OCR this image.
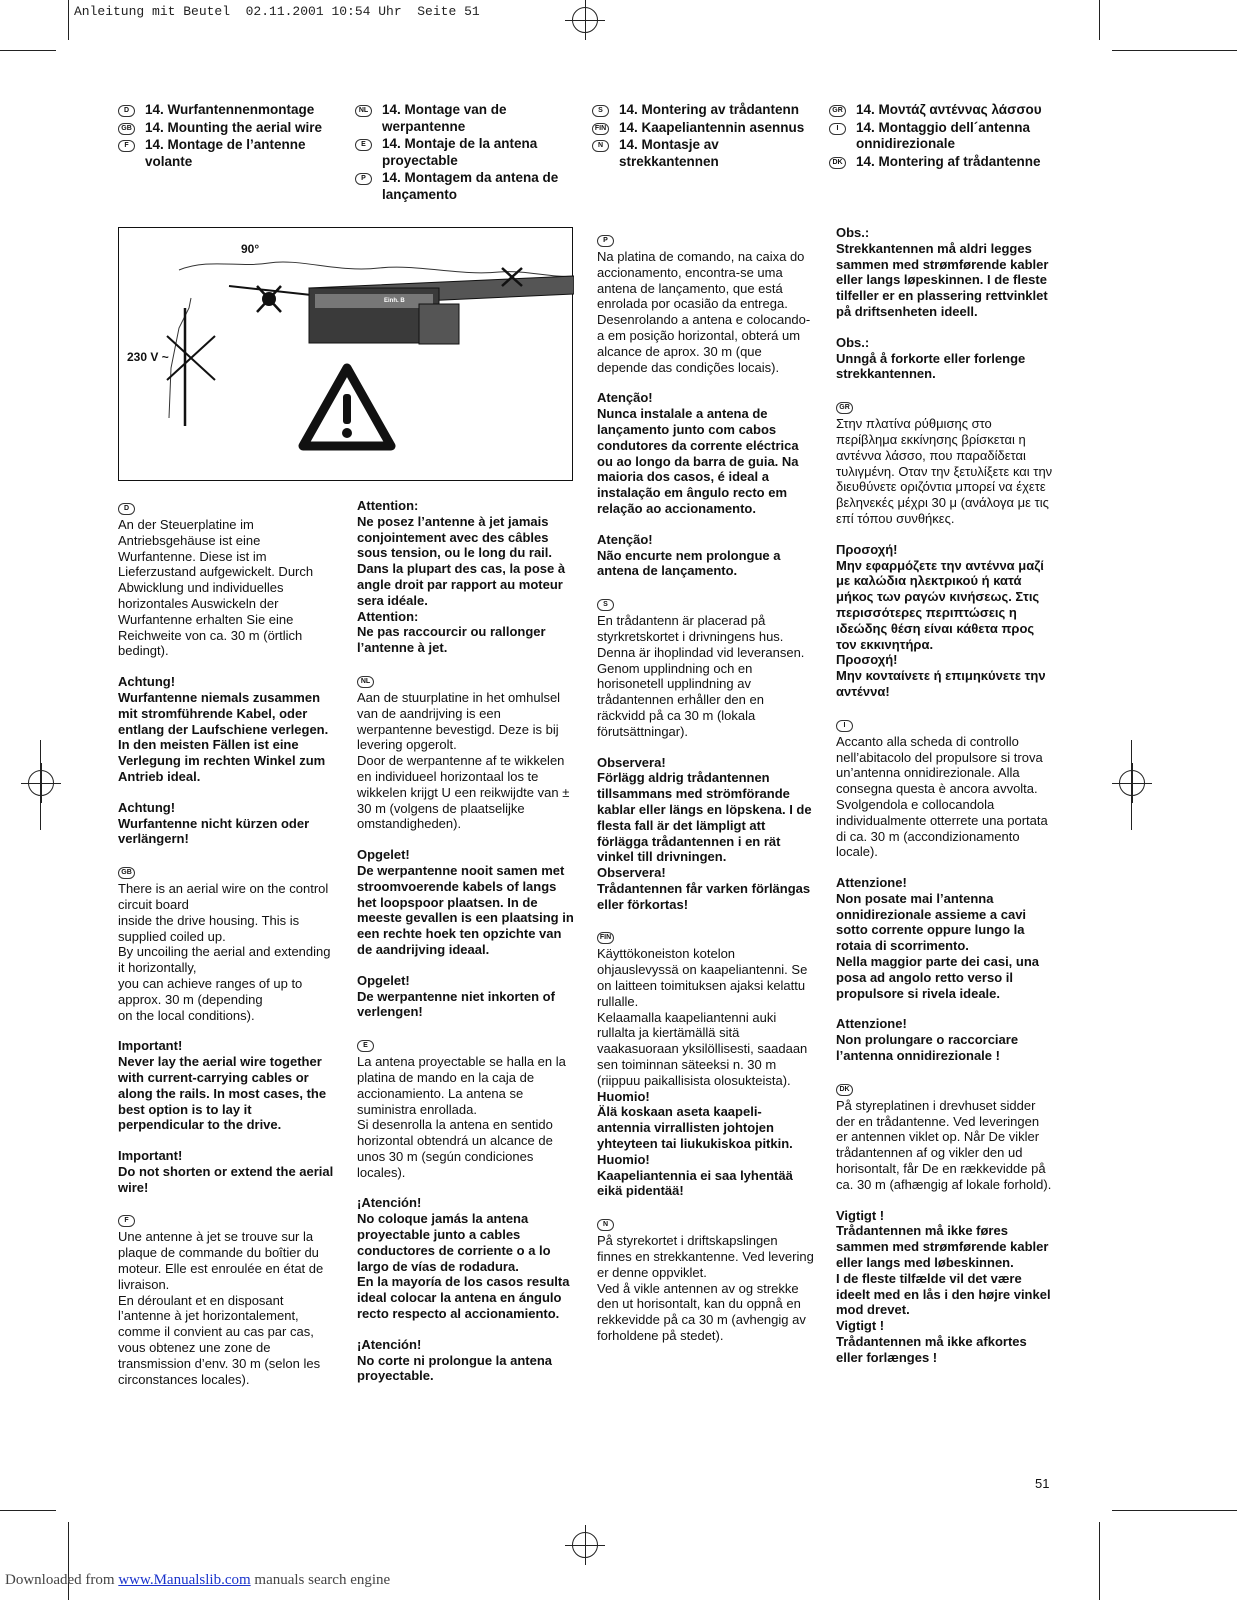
Anleitung mit Beutel  02.11.2001 10:54 Uhr  Seite 51
D	14. Wurfantennenmontage
GB 14. Mounting the aerial wire
F	14. Montage de l’antenne volante
NL 14. Montage van de werpantenne
E	14. Montaje de la antena proyectable
P	14. Montagem da antena de lançamento
S	14. Montering av trådantenn
FIN 14. Kaapeliantennin asennus
N	14. Montasje av strekkantennen
GR 14. Μοντάζ αντέννας λάσσου
I	14. Montaggio dell´antenna onnidirezionale
DK 14. Montering af trådantenne
90°
230 V ~
Einh. B
D

An der Steuerplatine im Antriebsgehäuse ist eine Wurfantenne. Diese ist im Lieferzustand aufgewickelt. Durch Abwicklung und individuelles horizontales Auswickeln der Wurfantenne erhalten Sie eine Reichweite von ca. 30 m (örtlich bedingt).

Achtung!
Wurfantenne niemals zusammen mit stromführende Kabel, oder entlang der Laufschiene verlegen.
In den meisten Fällen ist eine Verlegung im rechten Winkel zum Antrieb ideal.

Achtung!
Wurfantenne nicht kürzen oder verlängern!

GB

There is an aerial wire on the control circuit board
inside the drive housing. This is supplied coiled up.
By uncoiling the aerial and extending it horizontally,
you can achieve ranges of up to approx. 30 m (depending
on the local conditions).

Important!
Never lay the aerial wire together with current-carrying cables or along the rails. In most cases, the best option is to lay it perpendicular to the drive.

Important!
Do not shorten or extend the aerial wire!

F

Une antenne à jet se trouve sur la plaque de commande du boîtier du moteur. Elle est enroulée en état de livraison.
En déroulant et en disposant l’antenne à jet horizontalement, comme il convient au cas par cas, vous obtenez une zone de transmission d’env. 30 m (selon les circonstances locales).

Attention:
Ne posez l’antenne à jet jamais conjointement avec des câbles sous tension, ou le long du rail. Dans la plupart des cas, la pose à angle droit par rapport au moteur sera idéale.
Attention:
Ne pas raccourcir ou rallonger l’antenne à jet.

NL

Aan de stuurplatine in het omhulsel van de aandrijving is een werpantenne bevestigd. Deze is bij levering opgerolt.
Door de werpantenne af te wikkelen en individueel horizontaal los te wikkelen krijgt U een reikwijdte van ± 30 m (volgens de plaatselijke omstandigheden).

Opgelet!
De werpantenne nooit samen met stroomvoerende kabels of langs het loopspoor plaatsen. In de meeste gevallen is een plaatsing in een rechte hoek ten opzichte van de aandrijving ideaal.

Opgelet!
De werpantenne niet inkorten of verlengen!

E

La antena proyectable se halla en la platina de mando en la caja de accionamiento. La antena se suministra enrollada.
Si desenrolla la antena en sentido horizontal obtendrá un alcance de unos 30 m (según condiciones locales).

¡Atención!
No coloque jamás la antena proyectable junto a cables conductores de corriente o a lo largo de vías de rodadura.
En la mayoría de los casos resulta ideal colocar la antena en ángulo recto respecto al accionamiento.

¡Atención!
No corte ni prolongue la antena proyectable.

P

Na platina de comando, na caixa do accionamento, encontra-se uma antena de lançamento, que está enrolada por ocasião da entrega.
Desenrolando a antena e colocando-a em posição horizontal, obterá um alcance de aprox. 30 m (que depende das condições locais).

Atenção!
Nunca instalale a antena de lançamento junto com cabos condutores da corrente eléctrica ou ao longo da barra de guia. Na maioria dos casos, é ideal a instalação em ângulo recto em relação ao accionamento.

Atenção!
Não encurte nem prolongue a antena de lançamento.

S

En trådantenn är placerad på styrkretskortet i drivningens hus. Denna är ihoplindad vid leveransen.
Genom upplindning och en horisonetell upplindning av trådantennen erhåller den en räckvidd på ca 30 m (lokala förutsättningar).

Observera!
Förlägg aldrig trådantennen tillsammans med strömförande kablar eller längs en löpskena. I de flesta fall är det lämpligt att förlägga trådantennen i en rät vinkel till drivningen.
Observera!
Trådantennen får varken förlängas eller förkortas!

FIN

Käyttökoneiston kotelon ohjauslevyssä on kaapeliantenni. Se on laitteen toimituksen ajaksi kelattu rullalle.
Kelaamalla kaapeliantenni auki rullalta ja kiertämällä sitä vaakasuoraan yksilöllisesti, saadaan sen toiminnan säteeksi n. 30 m (riippuu paikallisista olosukteista).

Huomio!
Älä koskaan aseta kaapeli-antennia virrallisten johtojen yhteyteen tai liukukiskoa pitkin.
Huomio!
Kaapeliantennia ei saa lyhentää eikä pidentää!

N

På styrekortet i driftskapslingen finnes en strekkantenne. Ved levering er denne oppviklet.
Ved å vikle antennen av og strekke den ut horisontalt, kan du oppnå en rekkevidde på ca 30 m (avhengig av forholdene på stedet).

Obs.:
Strekkantennen må aldri legges sammen med strømførende kabler eller langs løpeskinnen. I de fleste tilfeller er en plassering rettvinklet på driftsenheten ideell.

Obs.:
Unngå å forkorte eller forlenge strekkantennen.

GR

Στην πλατίνα ρύθμισης στο περίβλημα εκκίνησης βρίσκεται η αντέννα λάσσο, που παραδίδεται τυλιγμένη. Οταν την ξετυλίξετε και την διευθύνετε οριζόντια μπορεί να έχετε βεληνεκές μέχρι 30 μ (ανάλογα με τις επί τόπου συνθήκες.

Προσοχή!
Μην εφαρμόζετε την αντέννα μαζί με καλώδια ηλεκτρικού ή κατά μήκος των ραγών κινήσεως. Στις περισσότερες περιπτώσεις η ιδεώδης θέση είναι κάθετα προς τον εκκινητήρα.
Προσοχή!
Μην κονταίνετε ή επιμηκύνετε την αντέννα!

I

Accanto alla scheda di controllo nell’abitacolo del propulsore si trova un’antenna onnidirezionale. Alla consegna questa è ancora avvolta.
Svolgendola e collocandola individualmente otterrete una portata di ca. 30 m (accondizionamento locale).

Attenzione!
Non posate mai l’antenna onnidirezionale assieme a cavi sotto corrente oppure lungo la rotaia di scorrimento.
Nella maggior parte dei casi, una posa ad angolo retto verso il propulsore si rivela ideale.

Attenzione!
Non prolungare o raccorciare l’antenna onnidirezionale !

DK

På styreplatinen i drevhuset sidder der en trådantenne. Ved leveringen er antennen viklet op. Når De vikler trådantennen af og vikler den ud horisontalt, får De en rækkevidde på ca. 30 m (afhængig af lokale forhold).

Vigtigt !
Trådantennen må ikke føres sammen med strømførende kabler eller langs med løbeskinnen.
I de fleste tilfælde vil det være ideelt med en lås i den højre vinkel mod drevet.
Vigtigt !
Trådantennen må ikke afkortes eller forlænges !

51
Downloaded from www.Manualslib.com manuals search engine
